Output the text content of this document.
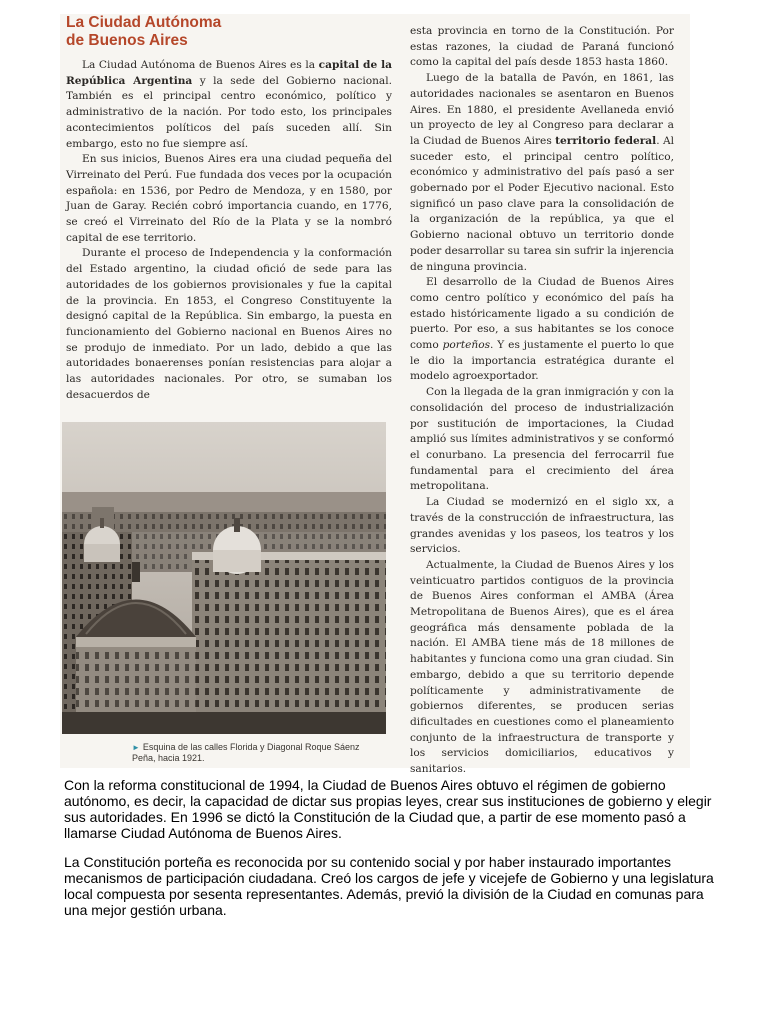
La Ciudad Autónoma
de Buenos Aires

La Ciudad Autónoma de Buenos Aires es la capital de la República Argentina y la sede del Gobierno nacional. También es el principal centro económico, político y administrativo de la nación. Por todo esto, los principales acontecimientos políticos del país suceden allí. Sin embargo, esto no fue siempre así.

En sus inicios, Buenos Aires era una ciudad pequeña del Virreinato del Perú. Fue fundada dos veces por la ocupación española: en 1536, por Pedro de Mendoza, y en 1580, por Juan de Garay. Recién cobró importancia cuando, en 1776, se creó el Virreinato del Río de la Plata y se la nombró capital de ese territorio.

Durante el proceso de Independencia y la conformación del Estado argentino, la ciudad ofició de sede para las autoridades de los gobiernos provisionales y fue la capital de la provincia. En 1853, el Congreso Constituyente la designó capital de la República. Sin embargo, la puesta en funcionamiento del Gobierno nacional en Buenos Aires no se produjo de inmediato. Por un lado, debido a que las autoridades bonaerenses ponían resistencias para alojar a las autoridades nacionales. Por otro, se sumaban los desacuerdos de

esta provincia en torno de la Constitución. Por estas razones, la ciudad de Paraná funcionó como la capital del país desde 1853 hasta 1860.

Luego de la batalla de Pavón, en 1861, las autoridades nacionales se asentaron en Buenos Aires. En 1880, el presidente Avellaneda envió un proyecto de ley al Congreso para declarar a la Ciudad de Buenos Aires territorio federal. Al suceder esto, el principal centro político, económico y administrativo del país pasó a ser gobernado por el Poder Ejecutivo nacional. Esto significó un paso clave para la consolidación de la organización de la república, ya que el Gobierno nacional obtuvo un territorio donde poder desarrollar su tarea sin sufrir la injerencia de ninguna provincia.

El desarrollo de la Ciudad de Buenos Aires como centro político y económico del país ha estado históricamente ligado a su condición de puerto. Por eso, a sus habitantes se los conoce como porteños. Y es justamente el puerto lo que le dio la importancia estratégica durante el modelo agroexportador.

Con la llegada de la gran inmigración y con la consolidación del proceso de industrialización por sustitución de importaciones, la Ciudad amplió sus límites administrativos y se conformó el conurbano. La presencia del ferrocarril fue fundamental para el crecimiento del área metropolitana.

La Ciudad se modernizó en el siglo xx, a través de la construcción de infraestructura, las grandes avenidas y los paseos, los teatros y los servicios.

Actualmente, la Ciudad de Buenos Aires y los veinticuatro partidos contiguos de la provincia de Buenos Aires conforman el AMBA (Área Metropolitana de Buenos Aires), que es el área geográfica más densamente poblada de la nación. El AMBA tiene más de 18 millones de habitantes y funciona como una gran ciudad. Sin embargo, debido a que su territorio depende políticamente y administrativamente de gobiernos diferentes, se producen serias dificultades en cuestiones como el planeamiento conjunto de la infraestructura de transporte y los servicios domiciliarios, educativos y sanitarios.

► Esquina de las calles Florida y Diagonal Roque Sáenz Peña, hacia 1921.
Con la reforma constitucional de 1994, la Ciudad de Buenos Aires obtuvo el régimen de gobierno autónomo, es decir, la capacidad de dictar sus propias leyes, crear sus instituciones de gobierno y elegir sus autoridades. En 1996 se dictó la Constitución de la Ciudad que, a partir de ese momento pasó a llamarse Ciudad Autónoma de Buenos Aires.
La Constitución porteña es reconocida por su contenido social y por haber instaurado importantes mecanismos de participación ciudadana. Creó los cargos de jefe y vicejefe de Gobierno y una legislatura local compuesta por sesenta representantes. Además, previó la división de la Ciudad en comunas para una mejor gestión urbana.
